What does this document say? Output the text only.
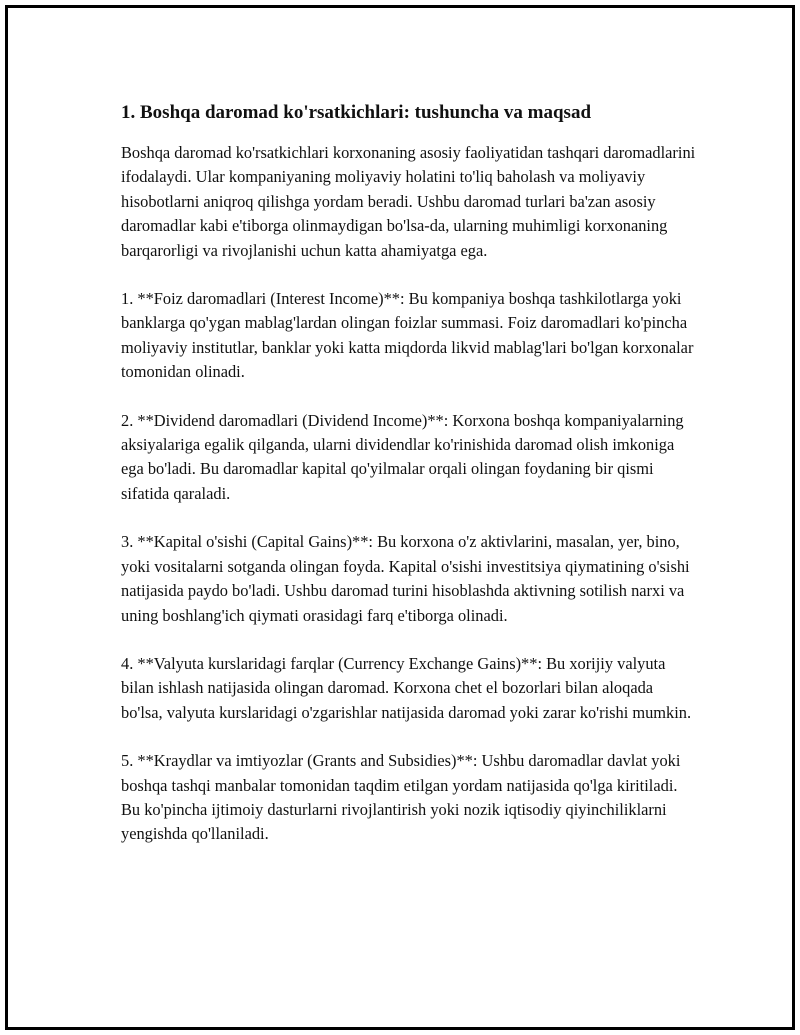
1. Boshqa daromad ko'rsatkichlari: tushuncha va maqsad

Boshqa daromad ko'rsatkichlari korxonaning asosiy faoliyatidan tashqari daromadlarini ifodalaydi. Ular kompaniyaning moliyaviy holatini to'liq baholash va moliyaviy hisobotlarni aniqroq qilishga yordam beradi. Ushbu daromad turlari ba'zan asosiy daromadlar kabi e'tiborga olinmaydigan bo'lsa-da, ularning muhimligi korxonaning barqarorligi va rivojlanishi uchun katta ahamiyatga ega.

1. **Foiz daromadlari (Interest Income)**: Bu kompaniya boshqa tashkilotlarga yoki banklarga qo'ygan mablag'lardan olingan foizlar summasi. Foiz daromadlari ko'pincha moliyaviy institutlar, banklar yoki katta miqdorda likvid mablag'lari bo'lgan korxonalar tomonidan olinadi.

2. **Dividend daromadlari (Dividend Income)**: Korxona boshqa kompaniyalarning aksiyalariga egalik qilganda, ularni dividendlar ko'rinishida daromad olish imkoniga ega bo'ladi. Bu daromadlar kapital qo'yilmalar orqali olingan foydaning bir qismi sifatida qaraladi.

3. **Kapital o'sishi (Capital Gains)**: Bu korxona o'z aktivlarini, masalan, yer, bino, yoki vositalarni sotganda olingan foyda. Kapital o'sishi investitsiya qiymatining o'sishi natijasida paydo bo'ladi. Ushbu daromad turini hisoblashda aktivning sotilish narxi va uning boshlang'ich qiymati orasidagi farq e'tiborga olinadi.

4. **Valyuta kurslaridagi farqlar (Currency Exchange Gains)**: Bu xorijiy valyuta bilan ishlash natijasida olingan daromad. Korxona chet el bozorlari bilan aloqada bo'lsa, valyuta kurslaridagi o'zgarishlar natijasida daromad yoki zarar ko'rishi mumkin.

5. **Kraydlar va imtiyozlar (Grants and Subsidies)**: Ushbu daromadlar davlat yoki boshqa tashqi manbalar tomonidan taqdim etilgan yordam natijasida qo'lga kiritiladi. Bu ko'pincha ijtimoiy dasturlarni rivojlantirish yoki nozik iqtisodiy qiyinchiliklarni yengishda qo'llaniladi.
